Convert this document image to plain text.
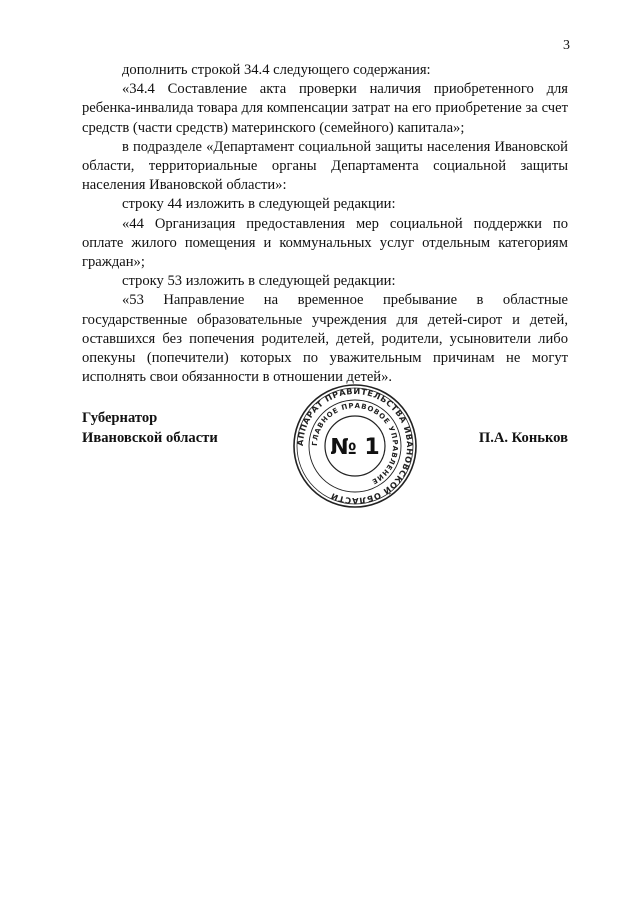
3

дополнить строкой 34.4 следующего содержания:

«34.4 Составление акта проверки наличия приобретенного для ребенка-инвалида товара для компенсации затрат на его приобретение за счет средств (части средств) материнского (семейного) капитала»;

в подразделе «Департамент социальной защиты населения Ивановской области, территориальные органы Департамента социальной защиты населения Ивановской области»:

строку 44 изложить в следующей редакции:

«44 Организация предоставления мер социальной поддержки по оплате жилого помещения и коммунальных услуг отдельным категориям граждан»;

строку 53 изложить в следующей редакции:

«53 Направление на временное пребывание в областные государственные образовательные учреждения для детей-сирот и детей, оставшихся без попечения родителей, детей, родители, усыновители либо опекуны (попечители) которых по уважительным причинам не могут исполнять свои обязанности в отношении детей».

Губернатор
Ивановской области	АППАРАТ ПРАВИТЕЛЬСТВА ИВАНОВСКОЙ ОБЛАСТИ
ГЛАВНОЕ ПРАВОВОЕ УПРАВЛЕНИЕ
№ 1	П.А. Коньков
